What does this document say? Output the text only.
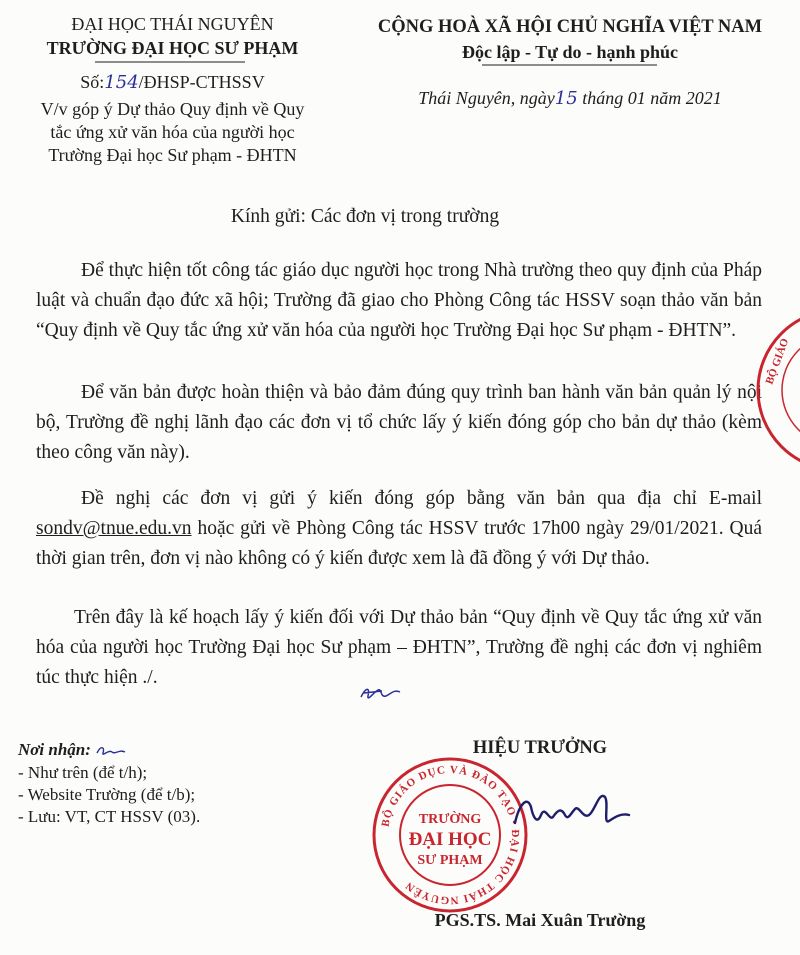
ĐẠI HỌC THÁI NGUYÊN
TRƯỜNG ĐẠI HỌC SƯ PHẠM
Số:154/ĐHSP-CTHSSV
V/v góp ý Dự thảo Quy định về Quy
tắc ứng xử văn hóa của người học
Trường Đại học Sư phạm - ĐHTN
CỘNG HOÀ XÃ HỘI CHỦ NGHĨA VIỆT NAM
Độc lập - Tự do - hạnh phúc
Thái Nguyên, ngày15 tháng 01 năm 2021
Kính gửi: Các đơn vị trong trường
Để thực hiện tốt công tác giáo dục người học trong Nhà trường theo quy định của Pháp luật và chuẩn đạo đức xã hội; Trường đã giao cho Phòng Công tác HSSV soạn thảo văn bản “Quy định về Quy tắc ứng xử văn hóa của người học Trường Đại học Sư phạm - ĐHTN”.
Để văn bản được hoàn thiện và bảo đảm đúng quy trình ban hành văn bản quản lý nội bộ, Trường đề nghị lãnh đạo các đơn vị tổ chức lấy ý kiến đóng góp cho bản dự thảo (kèm theo công văn này).
Đề nghị các đơn vị gửi ý kiến đóng góp bằng văn bản qua địa chỉ E-mail sondv@tnue.edu.vn hoặc gửi về Phòng Công tác HSSV trước 17h00 ngày 29/01/2021. Quá thời gian trên, đơn vị nào không có ý kiến được xem là đã đồng ý với Dự thảo.
Trên đây là kế hoạch lấy ý kiến đối với Dự thảo bản “Quy định về Quy tắc ứng xử văn hóa của người học Trường Đại học Sư phạm – ĐHTN”, Trường đề nghị các đơn vị nghiêm túc thực hiện ./.
Nơi nhận:
- Như trên (để t/h);
- Website Trường (để t/b);
- Lưu: VT, CT HSSV (03).
HIỆU TRƯỞNG
BỘ GIÁO DỤC VÀ ĐÀO TẠO • ĐẠI HỌC THÁI NGUYÊN
TRƯỜNG
ĐẠI HỌC
SƯ PHẠM
PGS.TS. Mai Xuân Trường
BỘ GIÁO
